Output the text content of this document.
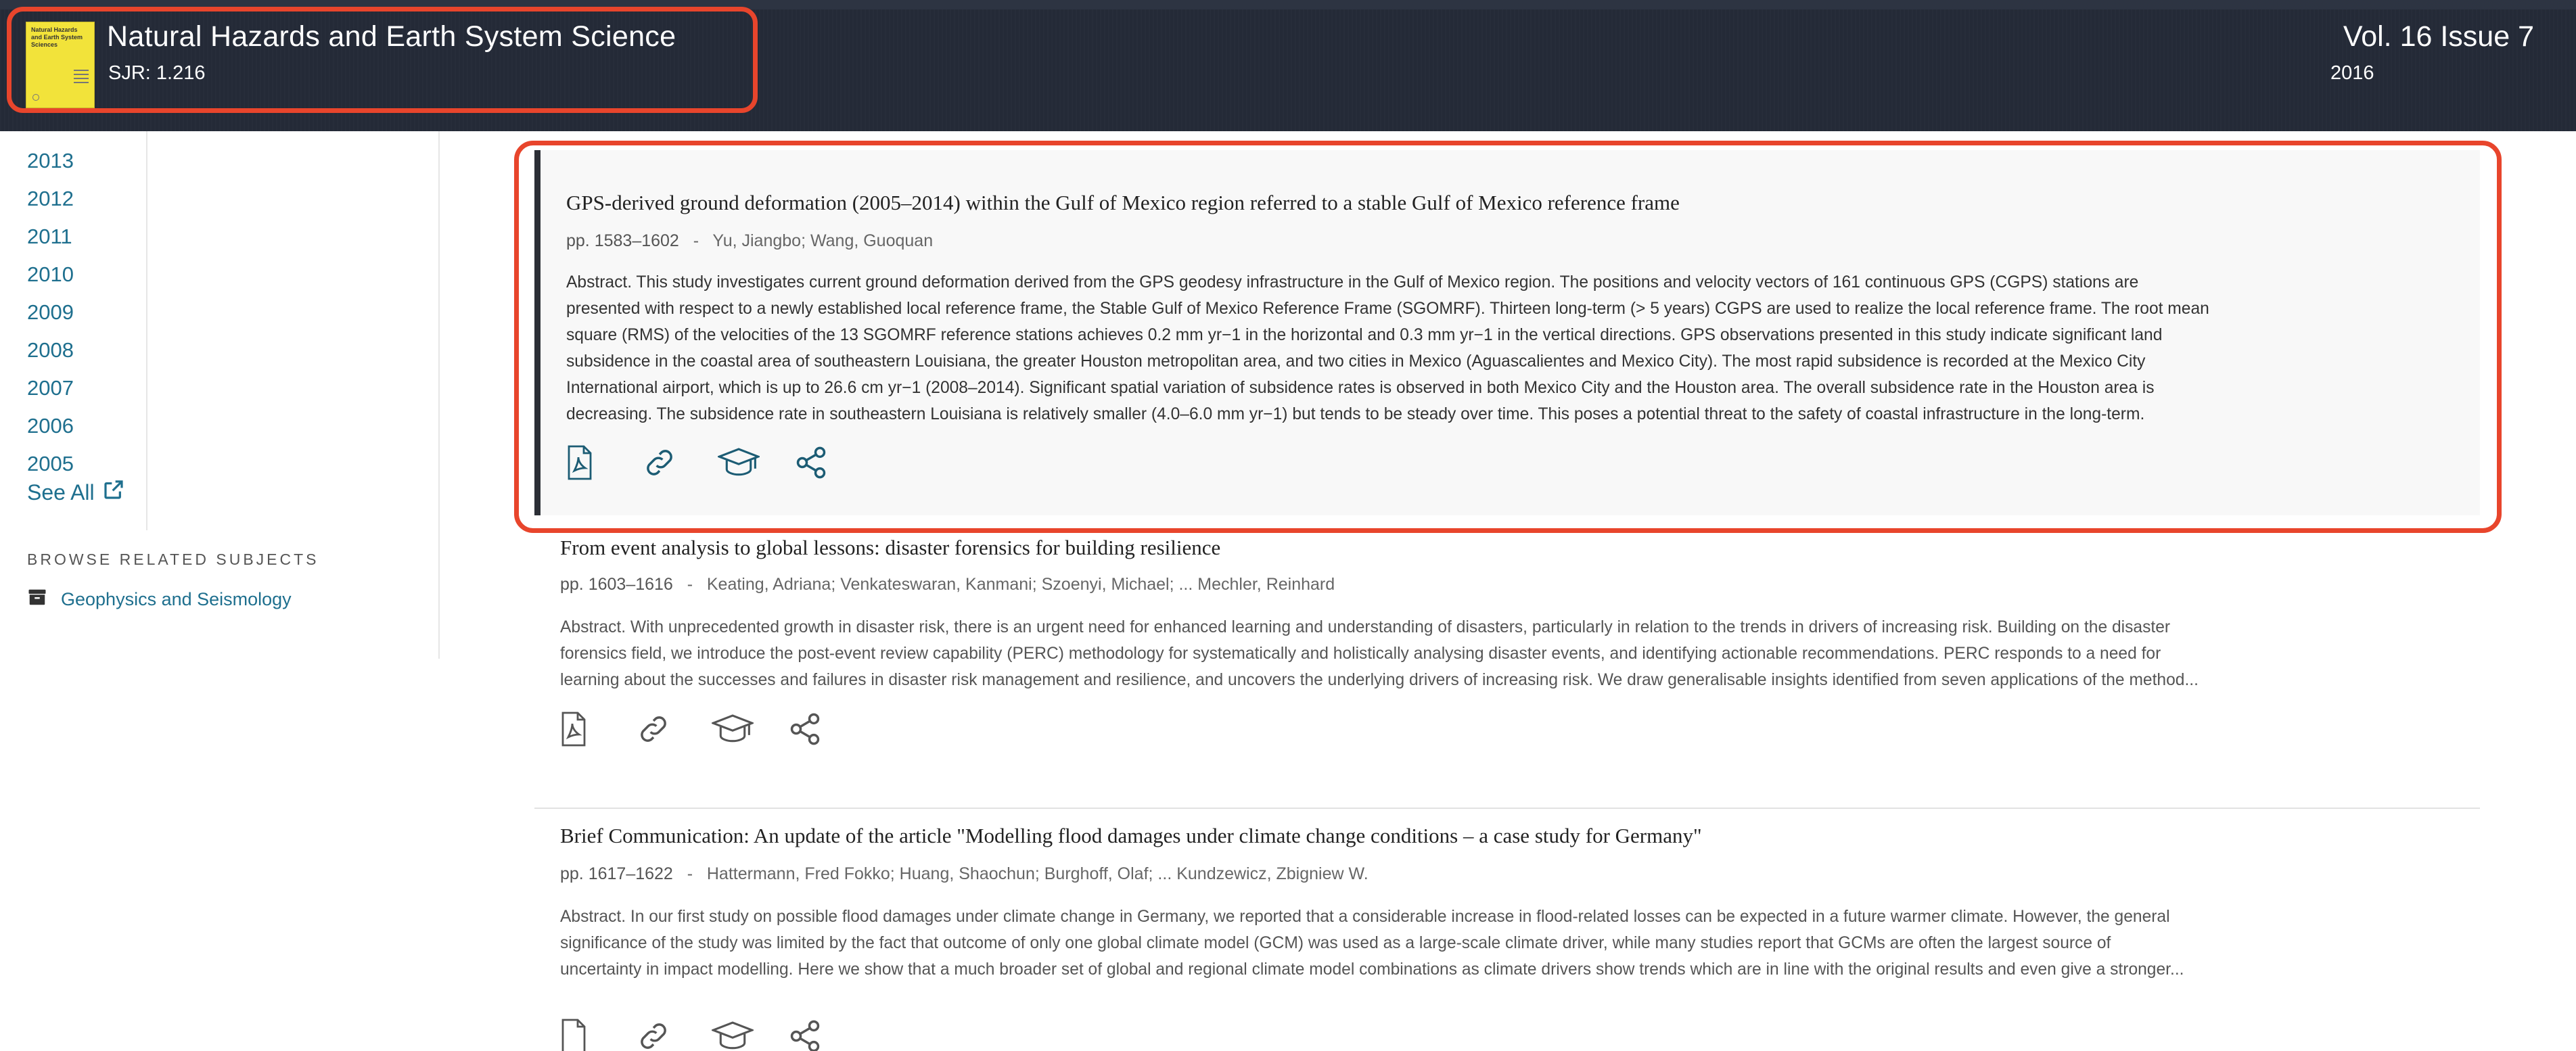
Natural Hazards and Earth System Sciences	Natural Hazards and Earth System Science
SJR: 1.216
Vol. 16 Issue 7
2016
2013
2012
2011
2010
2009
2008
2007
2006
2005
See All
BROWSE RELATED SUBJECTS
Geophysics and Seismology
GPS-derived ground deformation (2005–2014) within the Gulf of Mexico region referred to a stable Gulf of Mexico reference frame
pp. 1583–1602 - Yu, Jiangbo; Wang, Guoquan
Abstract. This study investigates current ground deformation derived from the GPS geodesy infrastructure in the Gulf of Mexico region. The positions and velocity vectors of 161 continuous GPS (CGPS) stations are
presented with respect to a newly established local reference frame, the Stable Gulf of Mexico Reference Frame (SGOMRF). Thirteen long-term (> 5 years) CGPS are used to realize the local reference frame. The root mean
square (RMS) of the velocities of the 13 SGOMRF reference stations achieves 0.2 mm yr−1 in the horizontal and 0.3 mm yr−1 in the vertical directions. GPS observations presented in this study indicate significant land
subsidence in the coastal area of southeastern Louisiana, the greater Houston metropolitan area, and two cities in Mexico (Aguascalientes and Mexico City). The most rapid subsidence is recorded at the Mexico City
International airport, which is up to 26.6 cm yr−1 (2008–2014). Significant spatial variation of subsidence rates is observed in both Mexico City and the Houston area. The overall subsidence rate in the Houston area is
decreasing. The subsidence rate in southeastern Louisiana is relatively smaller (4.0–6.0 mm yr−1) but tends to be steady over time. This poses a potential threat to the safety of coastal infrastructure in the long-term.
From event analysis to global lessons: disaster forensics for building resilience
pp. 1603–1616 - Keating, Adriana; Venkateswaran, Kanmani; Szoenyi, Michael; ... Mechler, Reinhard
Abstract. With unprecedented growth in disaster risk, there is an urgent need for enhanced learning and understanding of disasters, particularly in relation to the trends in drivers of increasing risk. Building on the disaster
forensics field, we introduce the post-event review capability (PERC) methodology for systematically and holistically analysing disaster events, and identifying actionable recommendations. PERC responds to a need for
learning about the successes and failures in disaster risk management and resilience, and uncovers the underlying drivers of increasing risk. We draw generalisable insights identified from seven applications of the method...
Brief Communication: An update of the article "Modelling flood damages under climate change conditions – a case study for Germany"
pp. 1617–1622 - Hattermann, Fred Fokko; Huang, Shaochun; Burghoff, Olaf; ... Kundzewicz, Zbigniew W.
Abstract. In our first study on possible flood damages under climate change in Germany, we reported that a considerable increase in flood-related losses can be expected in a future warmer climate. However, the general
significance of the study was limited by the fact that outcome of only one global climate model (GCM) was used as a large-scale climate driver, while many studies report that GCMs are often the largest source of
uncertainty in impact modelling. Here we show that a much broader set of global and regional climate model combinations as climate drivers show trends which are in line with the original results and even give a stronger...
